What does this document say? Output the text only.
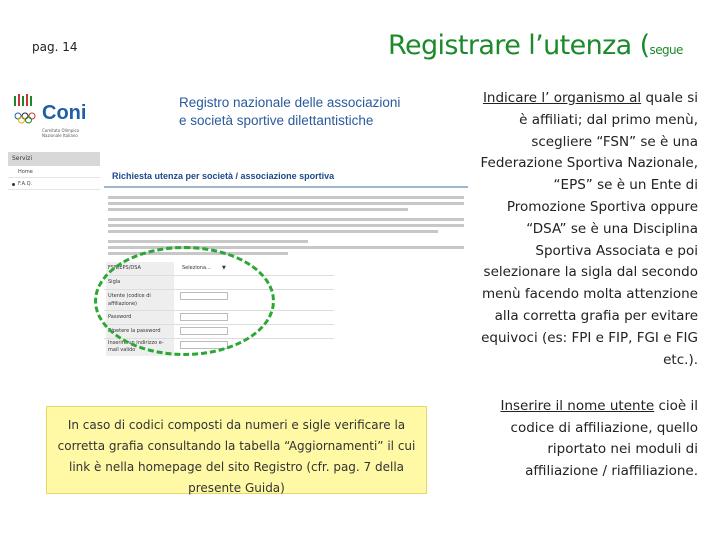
pag. 14	Registrare l’utenza (segue
Coni
Comitato Olimpico Nazionale Italiano
Registro nazionale delle associazioni
e società sportive dilettantistiche
Servizi
Home
F.A.Q.
Richiesta utenza per società / associazione sportiva
FSN/EPS/DSA	Seleziona...	▼
Sigla
Utente (codice di affiliazione)
Password
Ripetere la password
Inserire un indirizzo e-mail valido
In caso di codici composti da numeri e sigle verificare la corretta grafia consultando la tabella “Aggiornamenti” il cui link è nella homepage del sito Registro (cfr. pag. 7 della presente Guida)
Indicare l’ organismo al quale si è affiliati; dal primo menù, scegliere “FSN” se è una Federazione Sportiva Nazionale, “EPS” se è un Ente di Promozione Sportiva oppure “DSA” se è una Disciplina Sportiva Associata e poi selezionare la sigla dal secondo menù facendo molta attenzione alla corretta grafia per evitare equivoci (es: FPI e FIP, FGI e FIG etc.).
Inserire il nome utente cioè il codice di affiliazione, quello riportato nei moduli di affiliazione / riaffiliazione.
